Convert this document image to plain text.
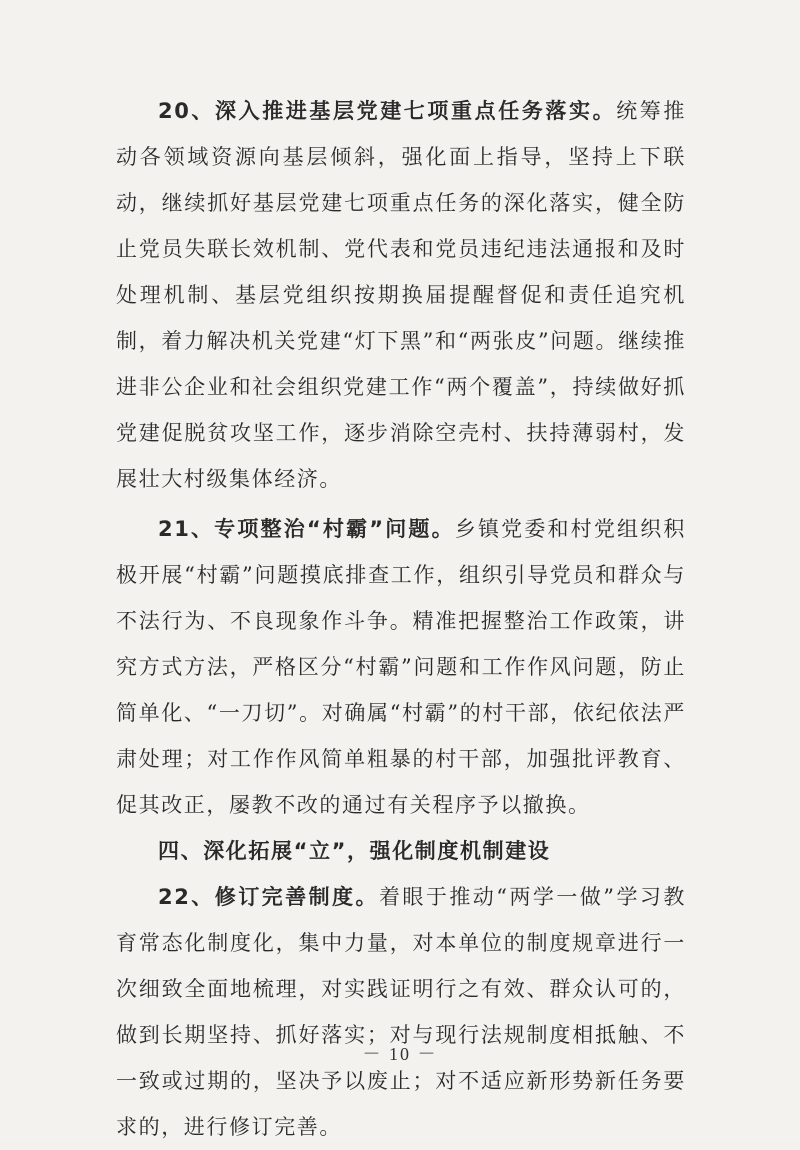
20、深入推进基层党建七项重点任务落实。统筹推动各领域资源向基层倾斜，强化面上指导，坚持上下联动，继续抓好基层党建七项重点任务的深化落实，健全防止党员失联长效机制、党代表和党员违纪违法通报和及时处理机制、基层党组织按期换届提醒督促和责任追究机制，着力解决机关党建“灯下黑”和“两张皮”问题。继续推进非公企业和社会组织党建工作“两个覆盖”，持续做好抓党建促脱贫攻坚工作，逐步消除空壳村、扶持薄弱村，发展壮大村级集体经济。

21、专项整治“村霸”问题。乡镇党委和村党组织积极开展“村霸”问题摸底排查工作，组织引导党员和群众与不法行为、不良现象作斗争。精准把握整治工作政策，讲究方式方法，严格区分“村霸”问题和工作作风问题，防止简单化、“一刀切”。对确属“村霸”的村干部，依纪依法严肃处理；对工作作风简单粗暴的村干部，加强批评教育、促其改正，屡教不改的通过有关程序予以撤换。

四、深化拓展“立”，强化制度机制建设

22、修订完善制度。着眼于推动“两学一做”学习教育常态化制度化，集中力量，对本单位的制度规章进行一次细致全面地梳理，对实践证明行之有效、群众认可的，做到长期坚持、抓好落实；对与现行法规制度相抵触、不一致或过期的，坚决予以废止；对不适应新形势新任务要求的，进行修订完善。

－ 10 －
